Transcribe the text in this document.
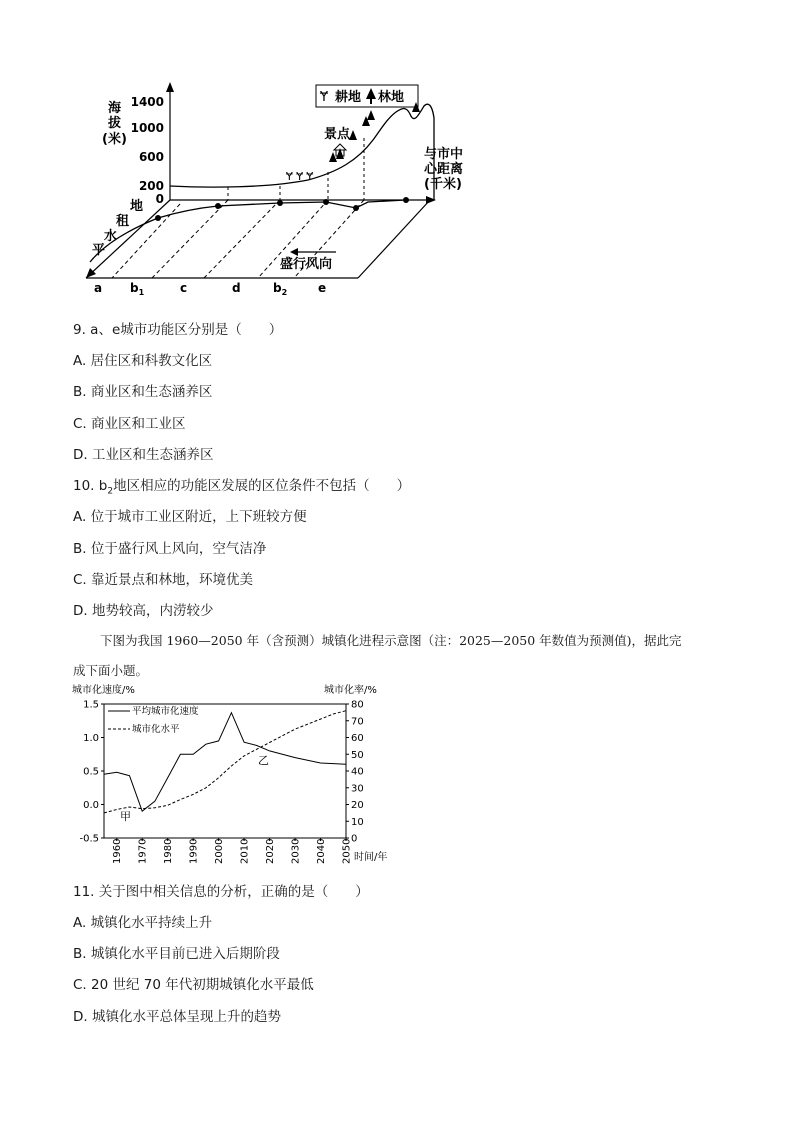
1400
1000
600
200
0
海
拔
(米)
Ɏ 耕地 林地
Ɏ Ɏ Ɏ
景点
与市中
心距离
(千米)
地
租
水
平
盛行风向
a $b_1$	c	d	$b_2$	e
9. a、e城市功能区分别是（　　）
A. 居住区和科教文化区
B. 商业区和生态涵养区
C. 商业区和工业区
D. 工业区和生态涵养区
10. $b_2$地区相应的功能区发展的区位条件不包括（　　）
A. 位于城市工业区附近，上下班较方便
B. 位于盛行风上风向，空气洁净
C. 靠近景点和林地，环境优美
D. 地势较高，内涝较少
下图为我国 1960—2050 年（含预测）城镇化进程示意图（注：2025—2050 年数值为预测值)，据此完
成下面小题。
城市化速度/%	城市化率/%
时间/年
平均城市化速度
城市化水平
甲
乙
1.5
1.0
0.5
0.0
-0.5
80
70
60
50
40
30
20
10
0
1960 1970 1980 1990 2000 2010 2020 2030 2040 2050
11. 关于图中相关信息的分析，正确的是（　　）
A. 城镇化水平持续上升
B. 城镇化水平目前已进入后期阶段
C. 20 世纪 70 年代初期城镇化水平最低
D. 城镇化水平总体呈现上升的趋势
